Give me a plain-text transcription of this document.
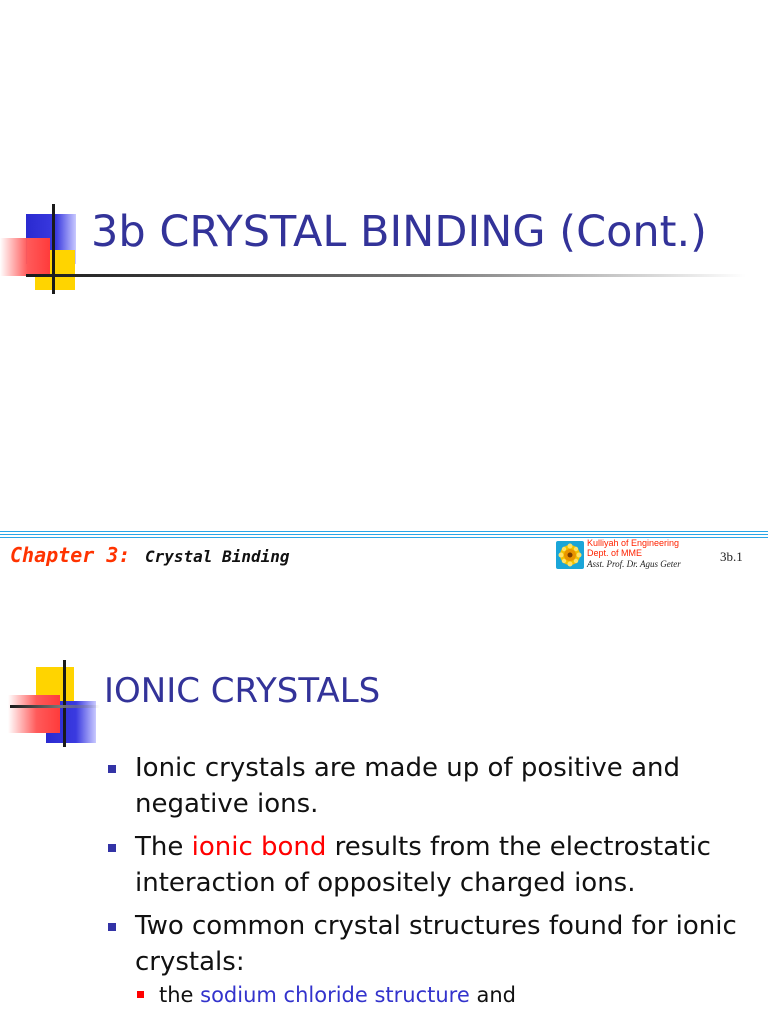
3b CRYSTAL BINDING (Cont.)
Chapter 3: Crystal Binding
Kulliyah of Engineering
Dept. of MME
Asst. Prof. Dr. Agus Geter	3b.1
IONIC CRYSTALS
Ionic crystals are made up of positive and negative ions.
The ionic bond results from the electrostatic interaction of oppositely charged ions.
Two common crystal structures found for ionic crystals:
the sodium chloride structure and
